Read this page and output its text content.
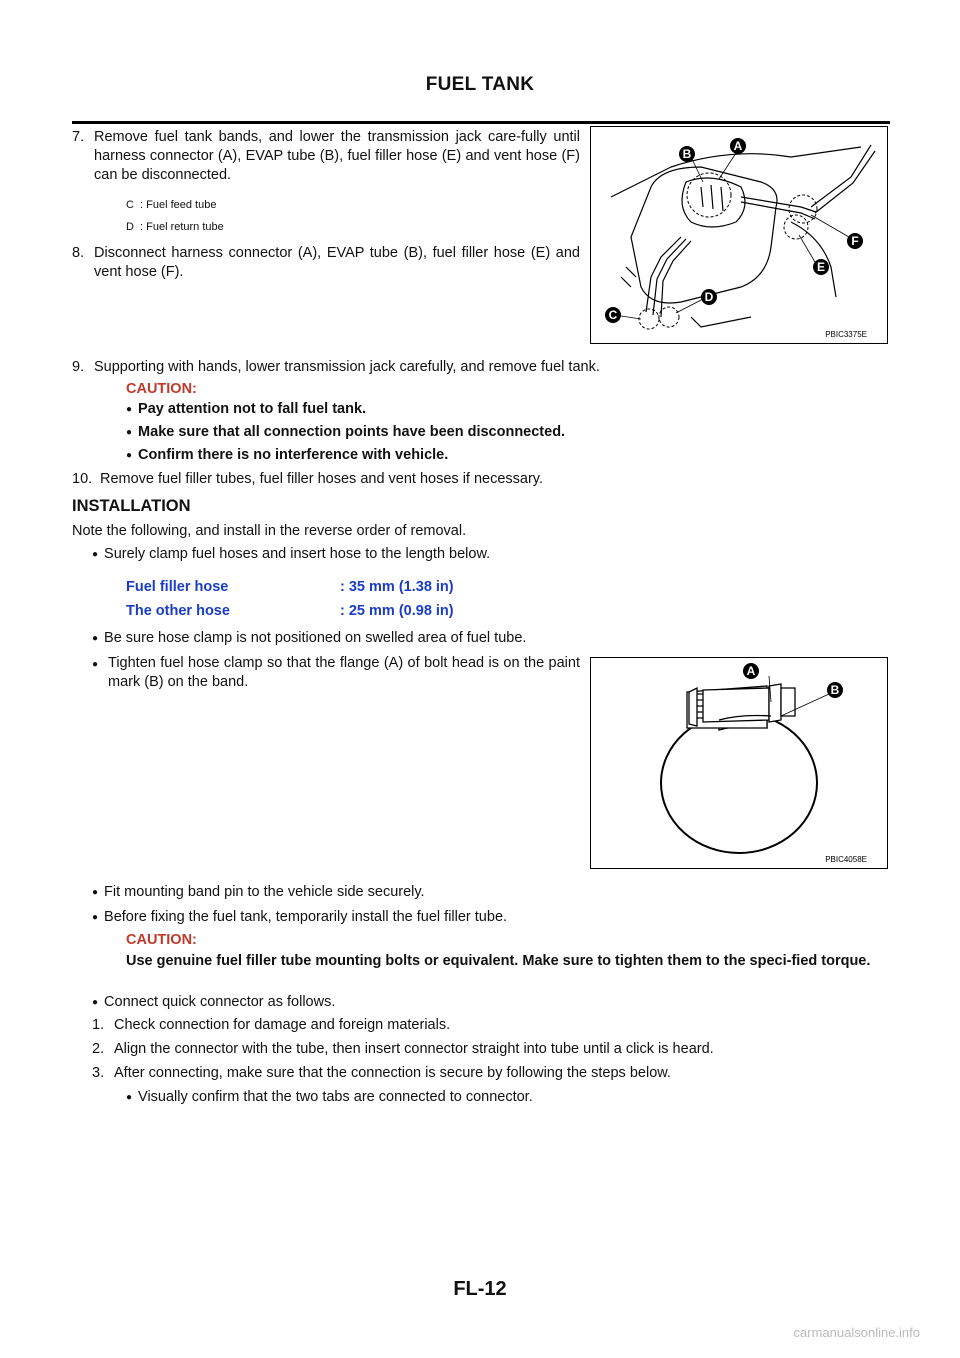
FUEL TANK
7. Remove fuel tank bands, and lower the transmission jack care-fully until harness connector (A), EVAP tube (B), fuel filler hose (E) and vent hose (F) can be disconnected.
C : Fuel feed tube
D : Fuel return tube
8. Disconnect harness connector (A), EVAP tube (B), fuel filler hose (E) and vent hose (F).
B
A
F
E
D
C
PBIC3375E
9. Supporting with hands, lower transmission jack carefully, and remove fuel tank.
CAUTION:
● Pay attention not to fall fuel tank.
● Make sure that all connection points have been disconnected.
● Confirm there is no interference with vehicle.
10. Remove fuel filler tubes, fuel filler hoses and vent hoses if necessary.
INSTALLATION
Note the following, and install in the reverse order of removal.
● Surely clamp fuel hoses and insert hose to the length below.
Fuel filler hose	: 35 mm (1.38 in)
The other hose	: 25 mm (0.98 in)
● Be sure hose clamp is not positioned on swelled area of fuel tube.
● Tighten fuel hose clamp so that the flange (A) of bolt head is on the paint mark (B) on the band.
A
B
PBIC4058E
● Fit mounting band pin to the vehicle side securely.
● Before fixing the fuel tank, temporarily install the fuel filler tube.
CAUTION:
Use genuine fuel filler tube mounting bolts or equivalent. Make sure to tighten them to the speci-fied torque.
● Connect quick connector as follows.
1. Check connection for damage and foreign materials.
2. Align the connector with the tube, then insert connector straight into tube until a click is heard.
3. After connecting, make sure that the connection is secure by following the steps below.
● Visually confirm that the two tabs are connected to connector.
FL-12
carmanualsonline.info
